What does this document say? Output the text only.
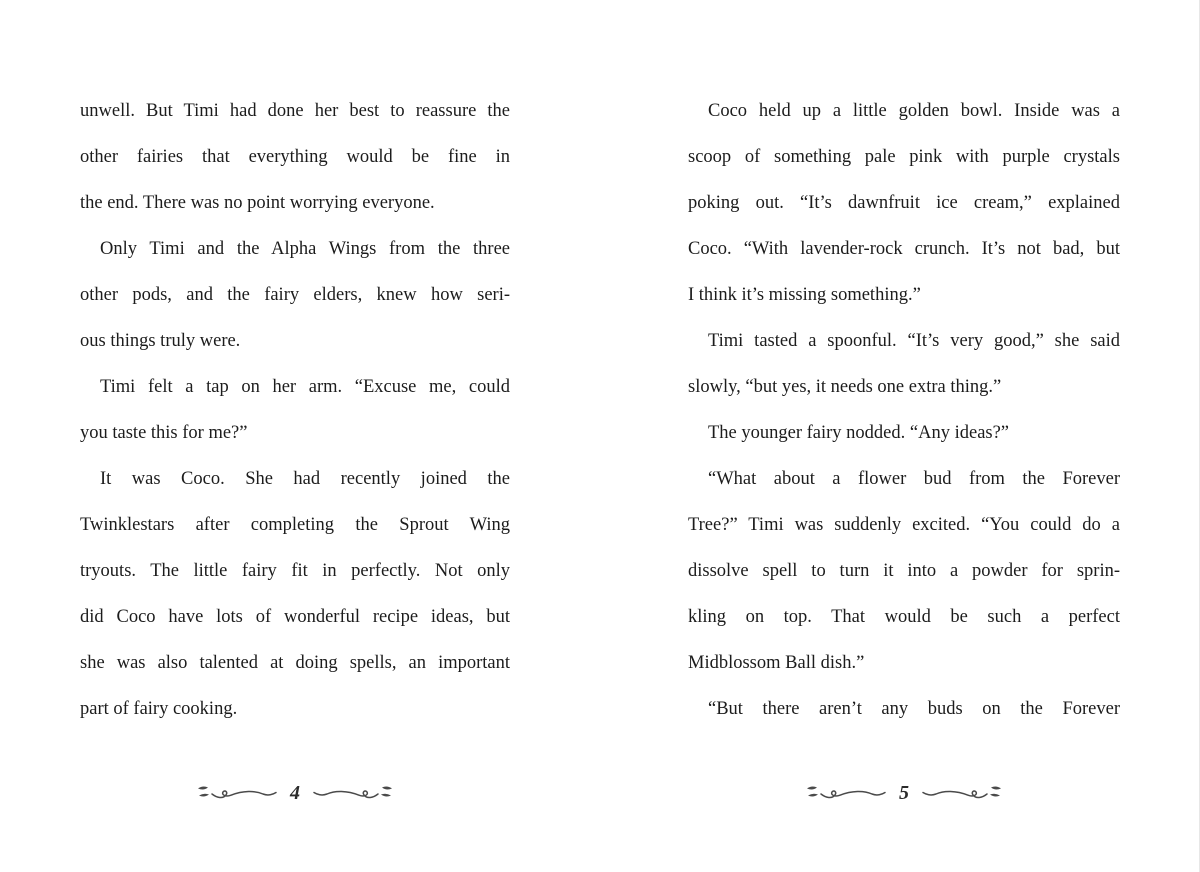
unwell. But Timi had done her best to reassure the
other fairies that everything would be fine in
the end. There was no point worrying everyone.
Only Timi and the Alpha Wings from the three
other pods, and the fairy elders, knew how seri-
ous things truly were.
Timi felt a tap on her arm. “Excuse me, could
you taste this for me?”
It was Coco. She had recently joined the
Twinklestars after completing the Sprout Wing
tryouts. The little fairy fit in perfectly. Not only
did Coco have lots of wonderful recipe ideas, but
she was also talented at doing spells, an important
part of fairy cooking.
4
Coco held up a little golden bowl. Inside was a
scoop of something pale pink with purple crystals
poking out. “It’s dawnfruit ice cream,” explained
Coco. “With lavender-rock crunch. It’s not bad, but
I think it’s missing something.”
Timi tasted a spoonful. “It’s very good,” she said
slowly, “but yes, it needs one extra thing.”
The younger fairy nodded. “Any ideas?”
“What about a flower bud from the Forever
Tree?” Timi was suddenly excited. “You could do a
dissolve spell to turn it into a powder for sprin-
kling on top. That would be such a perfect
Midblossom Ball dish.”
“But there aren’t any buds on the Forever
5
